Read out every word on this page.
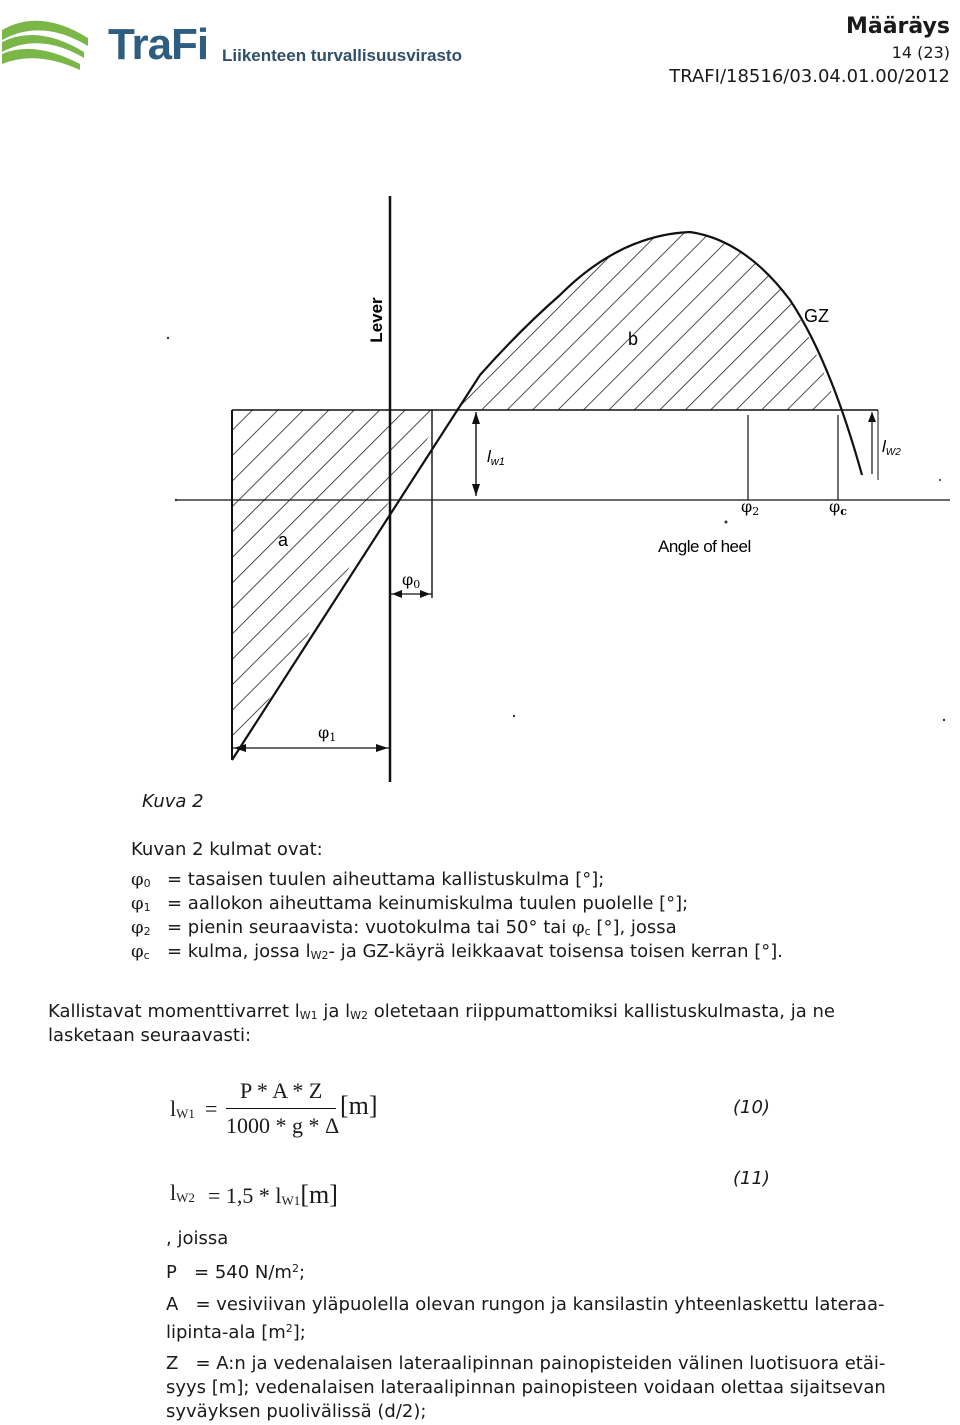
TraFi Liikenteen turvallisuusvirasto
Määräys
14 (23)
TRAFI/18516/03.04.01.00/2012
Lever	GZ
b
a	Angle of heel
lw1
lW2
φ2	φc
φ0
φ1
Kuva 2
Kuvan 2 kulmat ovat:
$\varphi_0$ = tasaisen tuulen aiheuttama kallistuskulma [°];
$\varphi_1$ = aallokon aiheuttama keinumiskulma tuulen puolelle [°];
$\varphi_2$ = pienin seuraavista: vuotokulma tai 50° tai $\varphi_c$ [°], jossa
$\varphi_c$ = kulma, jossa $l_{W2}-$ ja GZ-käyrä leikkaavat toisensa toisen kerran [°].
Kallistavat momenttivarret $l_{W1}$ ja $l_{W2}$ oletetaan riippumattomiksi kallistuskulmasta, ja ne
lasketaan seuraavasti:
$l_{W1}$ =
P * A * Z
1000 * g * Δ
[m]	(10)
$l_{W2} = 1,5 * l_{W1}[m]$
(11)
, joissa
P   = 540 $N/m^2$;
A   = vesiviivan yläpuolella olevan rungon ja kansilastin yhteenlaskettu lateraa-
lipinta-ala $[m^2]$;
Z   = A:n ja vedenalaisen lateraalipinnan painopisteiden välinen luotisuora etäi-
syys [m]; vedenalaisen lateraalipinnan painopisteen voidaan olettaa sijaitsevan
syväyksen puolivälissä (d/2);
